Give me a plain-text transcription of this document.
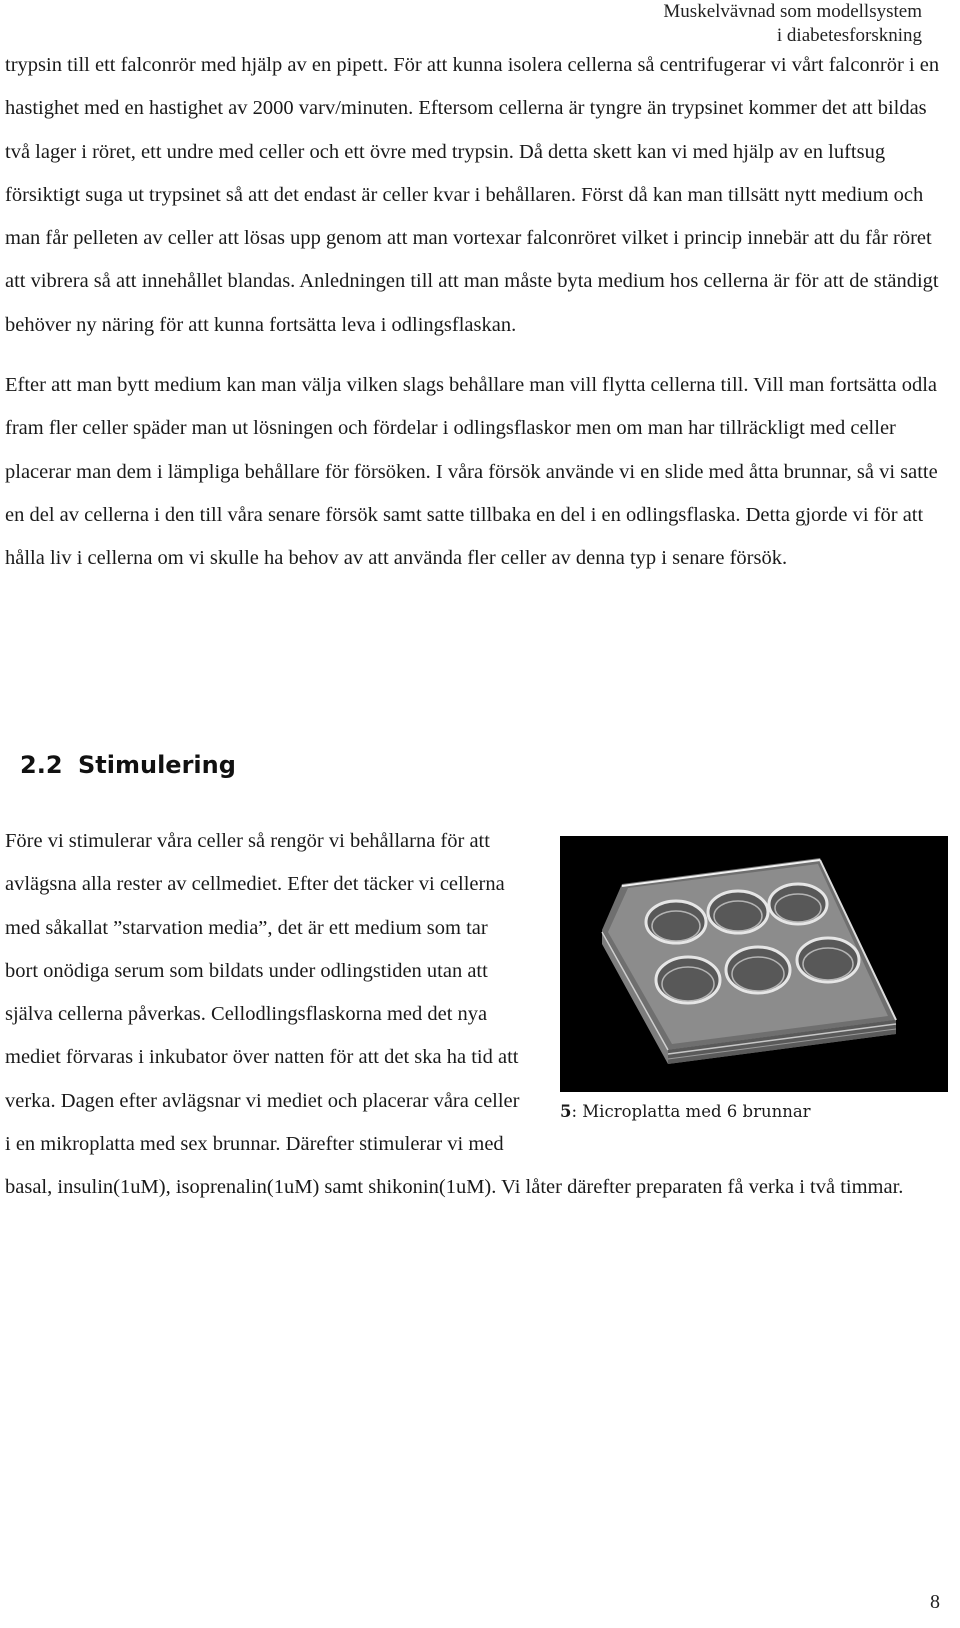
Muskelvävnad som modellsystem
i diabetesforskning

trypsin till ett falconrör med hjälp av en pipett. För att kunna isolera cellerna så centrifugerar vi vårt falconrör i en hastighet med en hastighet av 2000 varv/minuten. Eftersom cellerna är tyngre än trypsinet kommer det att bildas två lager i röret, ett undre med celler och ett övre med trypsin. Då detta skett kan vi med hjälp av en luftsug försiktigt suga ut trypsinet så att det endast är celler kvar i behållaren. Först då kan man tillsätt nytt medium och man får pelleten av celler att lösas upp genom att man vortexar falconröret vilket i princip innebär att du får röret att vibrera så att innehållet blandas. Anledningen till att man måste byta medium hos cellerna är för att de ständigt behöver ny näring för att kunna fortsätta leva i odlingsflaskan.

Efter att man bytt medium kan man välja vilken slags behållare man vill flytta cellerna till. Vill man fortsätta odla fram fler celler späder man ut lösningen och fördelar i odlingsflaskor men om man har tillräckligt med celler placerar man dem i lämpliga behållare för försöken. I våra försök använde vi en slide med åtta brunnar, så vi satte en del av cellerna i den till våra senare försök samt satte tillbaka en del i en odlingsflaska. Detta gjorde vi för att hålla liv i cellerna om vi skulle ha behov av att använda fler celler av denna typ i senare försök.

2.2 Stimulering

Före vi stimulerar våra celler så rengör vi behållarna för att avlägsna alla rester av cellmediet. Efter det täcker vi cellerna med såkallat ”starvation media”, det är ett medium som tar bort onödiga serum som bildats under odlingstiden utan att själva cellerna påverkas. Cellodlingsflaskorna med det nya mediet förvaras i inkubator över natten för att det ska ha tid att verka. Dagen efter avlägsnar vi mediet och placerar våra celler i en mikroplatta med sex brunnar. Därefter stimulerar vi med basal, insulin(1uM), isoprenalin(1uM) samt shikonin(1uM). Vi låter därefter preparaten få verka i två timmar.

5: Microplatta med 6 brunnar
8
